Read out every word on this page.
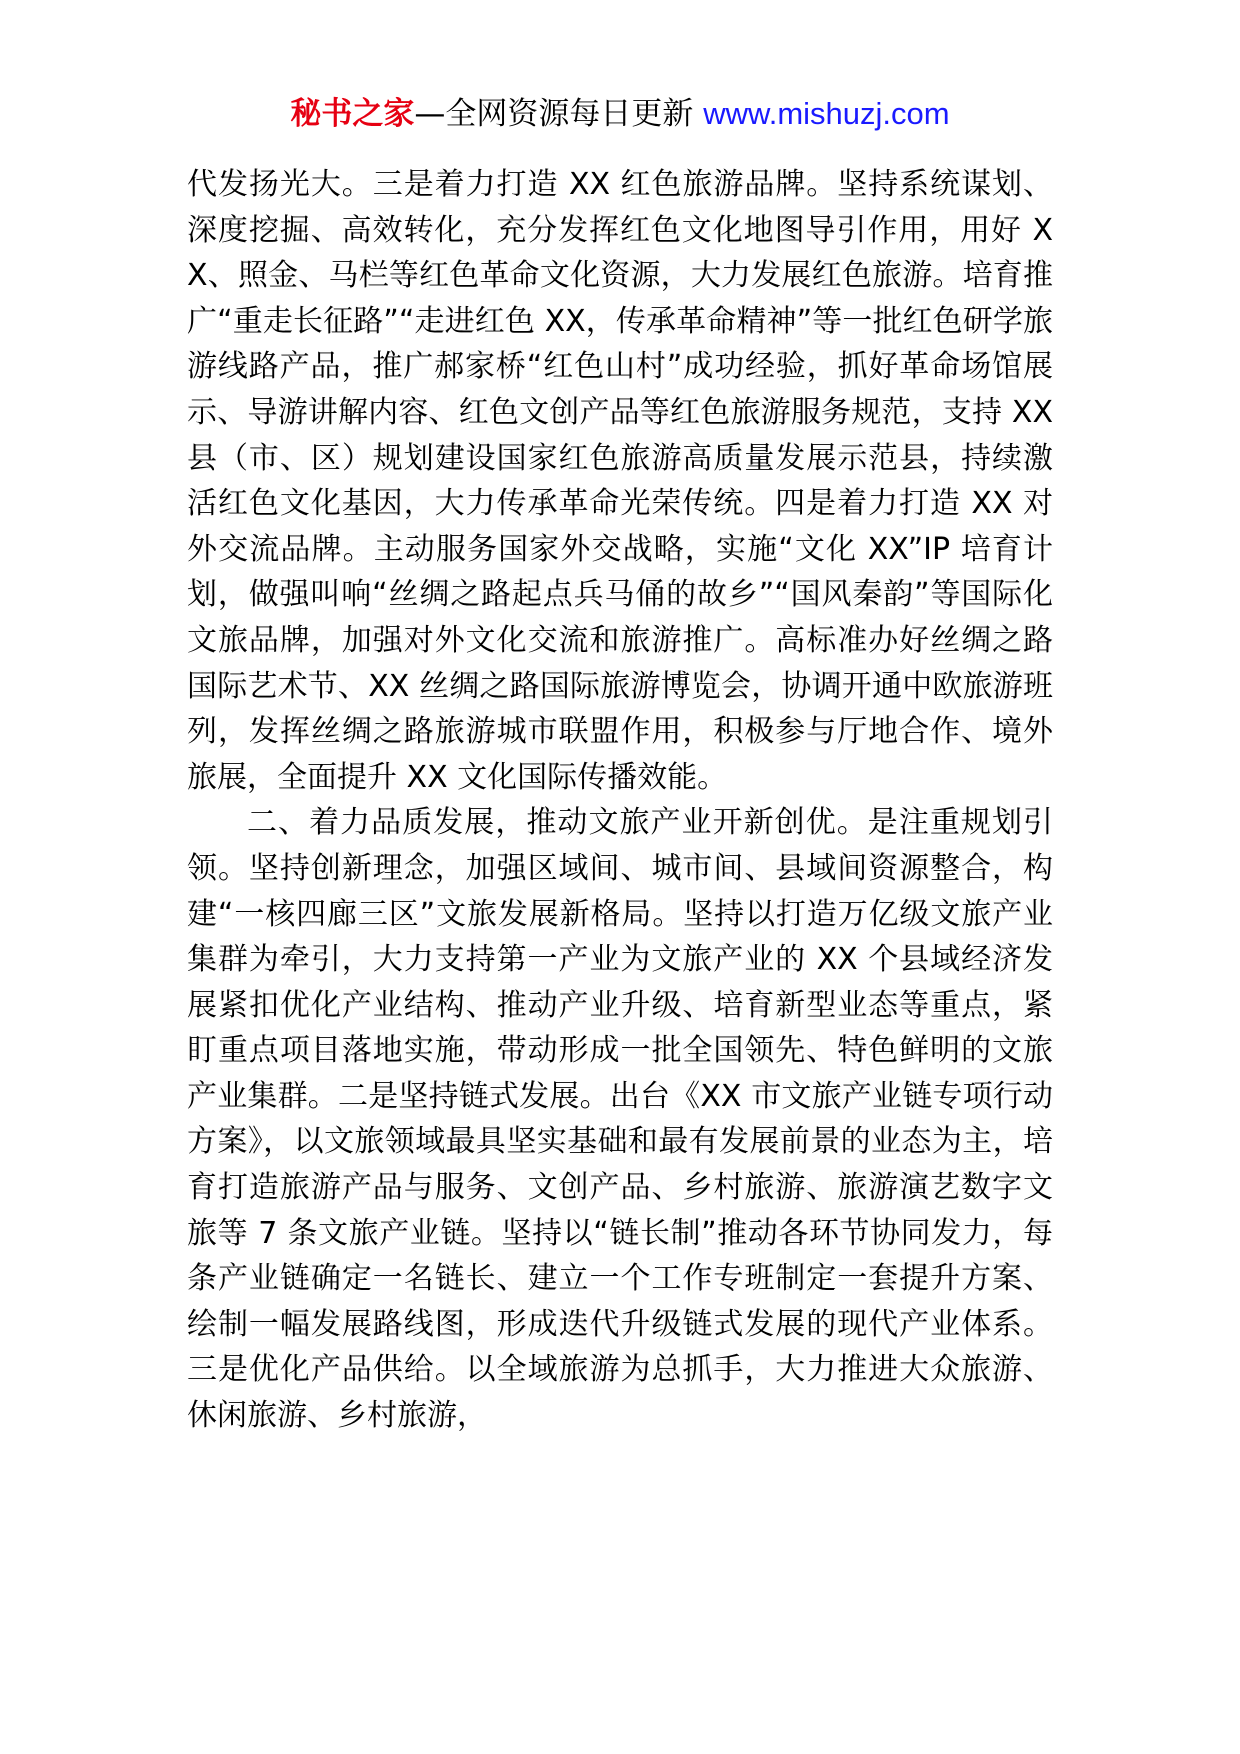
秘书之家—全网资源每日更新 www.mishuzj.com

代发扬光大。三是着力打造 XX 红色旅游品牌。坚持系统谋划、深度挖掘、高效转化，充分发挥红色文化地图导引作用，用好 XX、照金、马栏等红色革命文化资源，大力发展红色旅游。培育推广“重走长征路”“走进红色 XX，传承革命精神”等一批红色研学旅游线路产品，推广郝家桥“红色山村”成功经验，抓好革命场馆展示、导游讲解内容、红色文创产品等红色旅游服务规范，支持 XX 县（市、区）规划建设国家红色旅游高质量发展示范县，持续激活红色文化基因，大力传承革命光荣传统。四是着力打造 XX 对外交流品牌。主动服务国家外交战略，实施“文化 XX”IP 培育计划，做强叫响“丝绸之路起点兵马俑的故乡”“国风秦韵”等国际化文旅品牌，加强对外文化交流和旅游推广。高标准办好丝绸之路国际艺术节、XX 丝绸之路国际旅游博览会，协调开通中欧旅游班列，发挥丝绸之路旅游城市联盟作用，积极参与厅地合作、境外旅展，全面提升 XX 文化国际传播效能。

二、着力品质发展，推动文旅产业开新创优。是注重规划引领。坚持创新理念，加强区域间、城市间、县域间资源整合，构建“一核四廊三区”文旅发展新格局。坚持以打造万亿级文旅产业集群为牵引，大力支持第一产业为文旅产业的 XX 个县域经济发展紧扣优化产业结构、推动产业升级、培育新型业态等重点，紧盯重点项目落地实施，带动形成一批全国领先、特色鲜明的文旅产业集群。二是坚持链式发展。出台《XX 市文旅产业链专项行动方案》，以文旅领域最具坚实基础和最有发展前景的业态为主，培育打造旅游产品与服务、文创产品、乡村旅游、旅游演艺数字文旅等 7 条文旅产业链。坚持以“链长制”推动各环节协同发力，每条产业链确定一名链长、建立一个工作专班制定一套提升方案、绘制一幅发展路线图，形成迭代升级链式发展的现代产业体系。三是优化产品供给。以全域旅游为总抓手，大力推进大众旅游、休闲旅游、乡村旅游，
